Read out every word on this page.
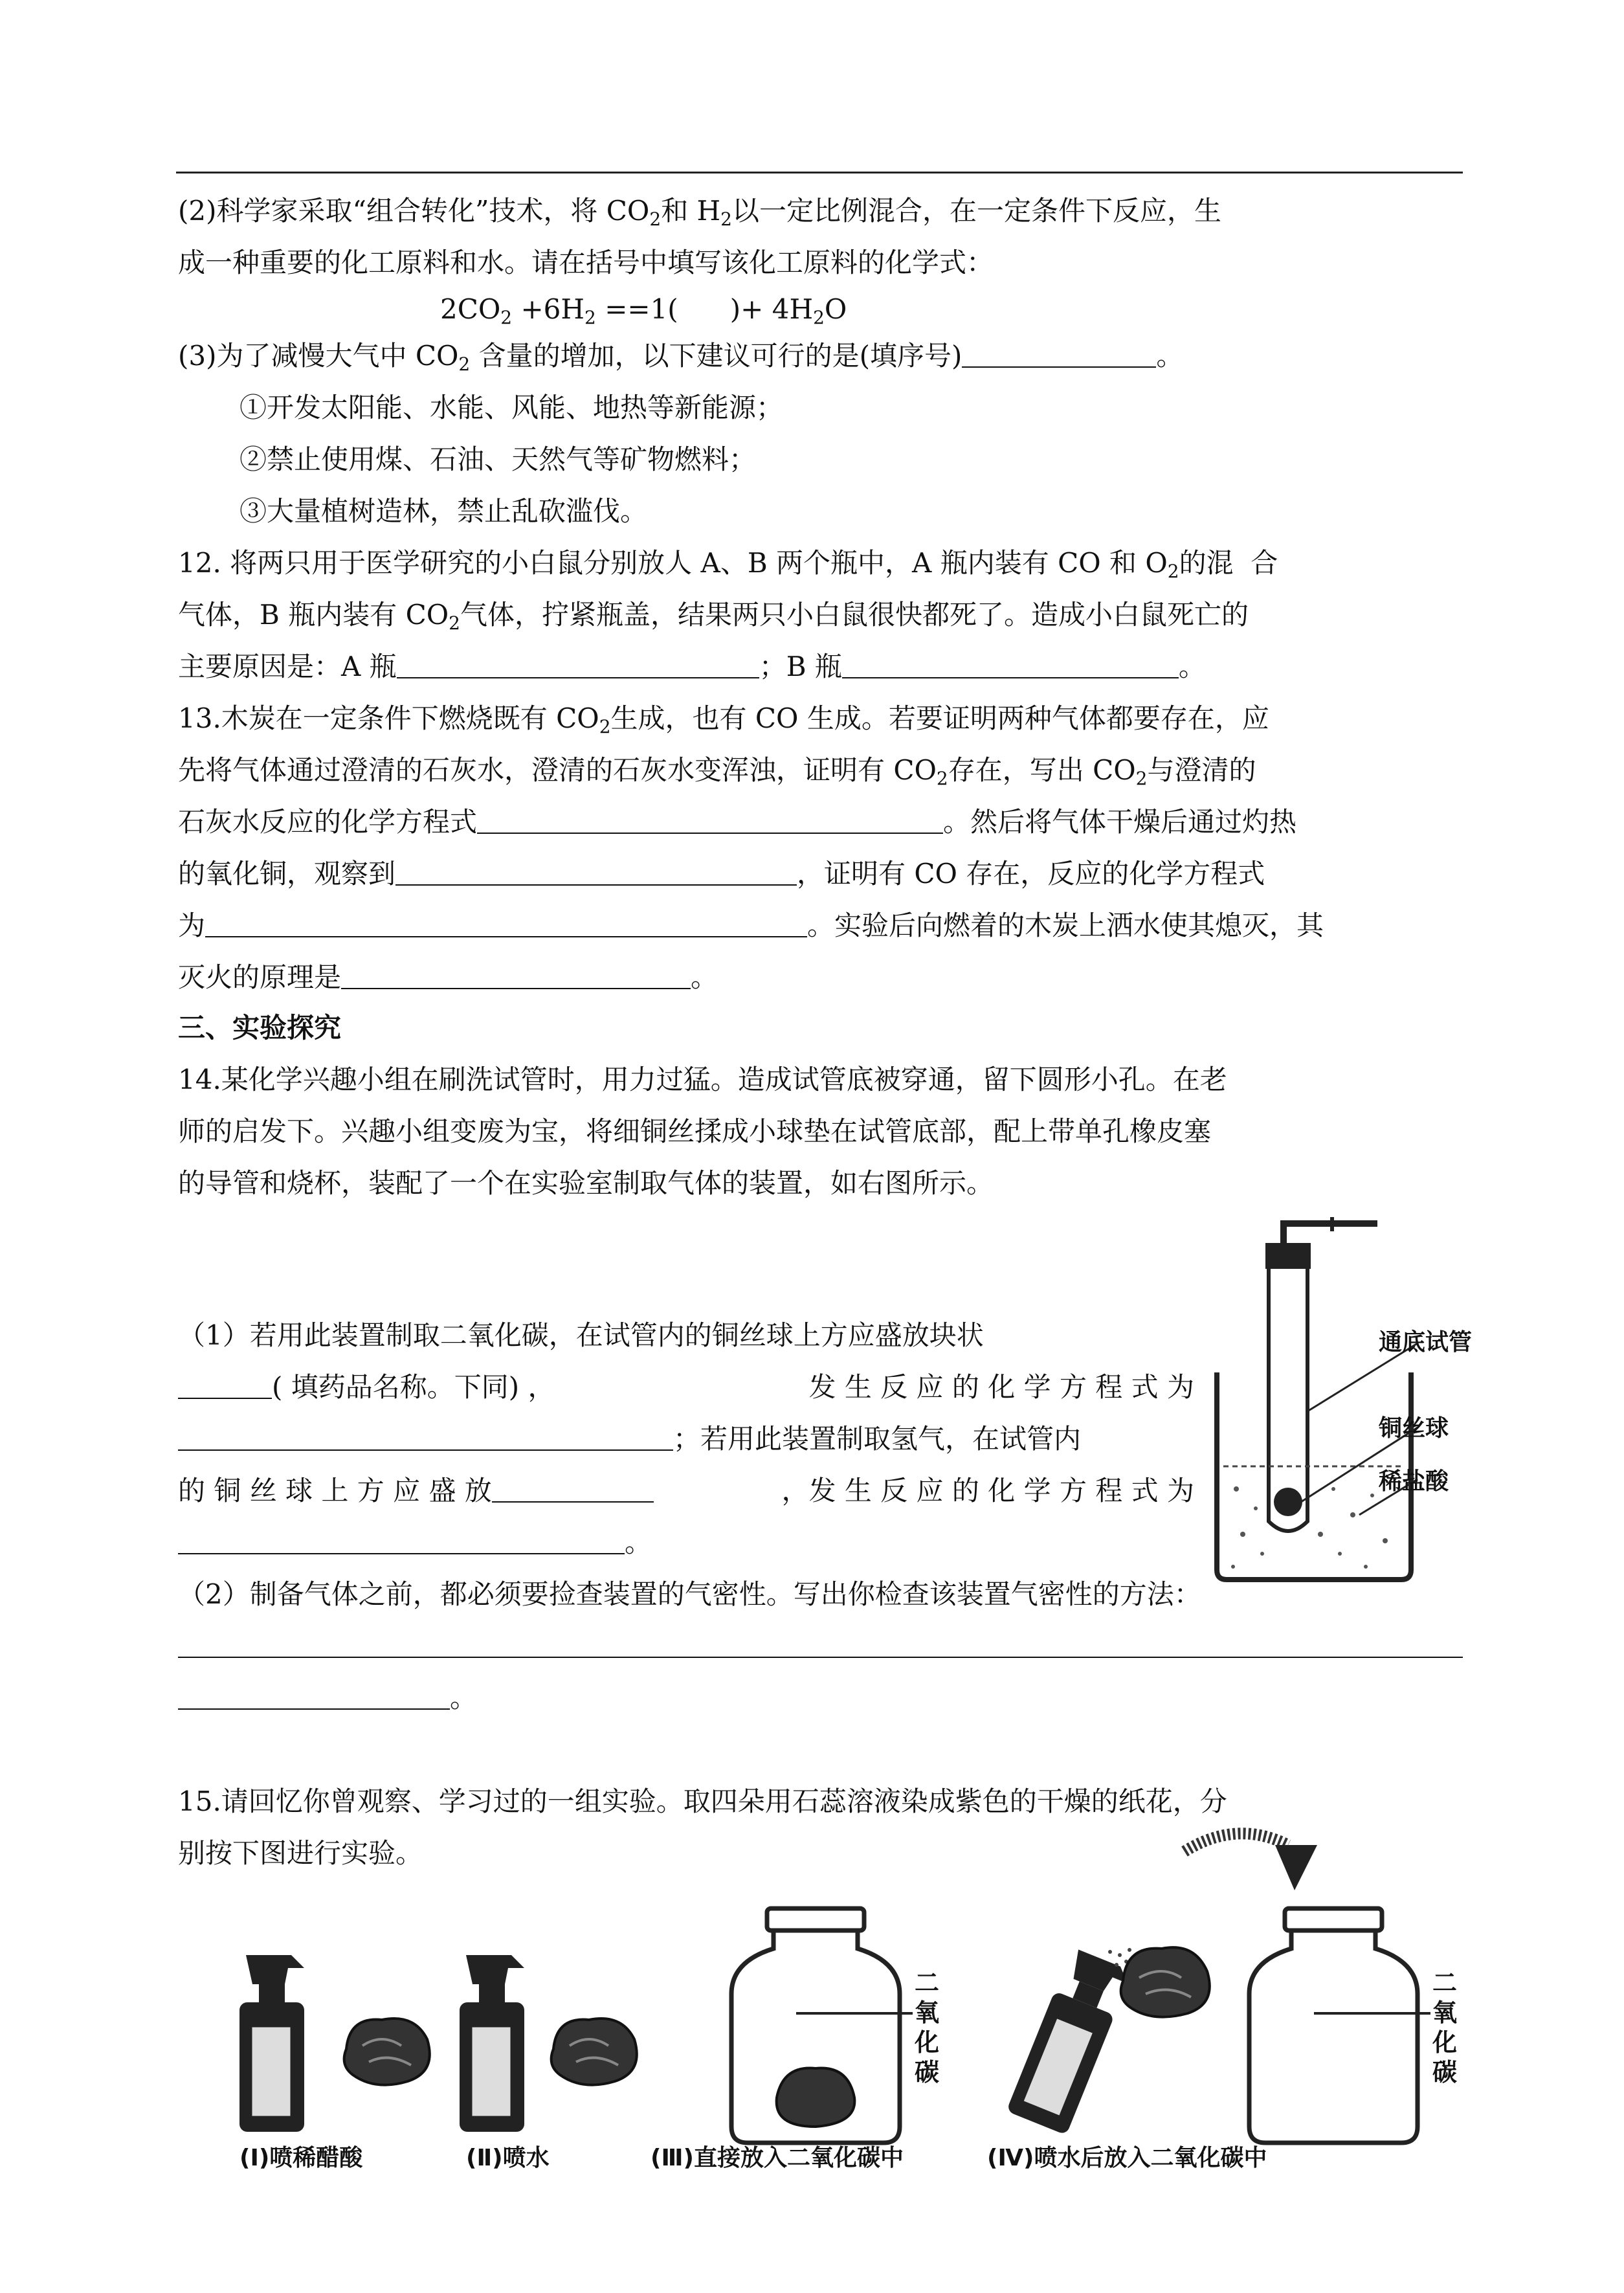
(2)科学家采取“组合转化”技术，将 $CO_2$和 $H_2$以一定比例混合，在一定条件下反应，生
成一种重要的化工原料和水。请在括号中填写该化工原料的化学式：
$2CO_2 +6H_2 ==1$(      )+ $4H_2O$
(3)为了减慢大气中 $CO_2$ 含量的增加，以下建议可行的是(填序号)	。
①开发太阳能、水能、风能、地热等新能源；
②禁止使用煤、石油、天然气等矿物燃料；
③大量植树造林，禁止乱砍滥伐。
12. 将两只用于医学研究的小白鼠分别放人 A、B 两个瓶中，A 瓶内装有 CO 和 $O_2$的混  合
气体，B 瓶内装有 $CO_2$气体，拧紧瓶盖，结果两只小白鼠很快都死了。造成小白鼠死亡的
主要原因是：A 瓶	；B 瓶	。
13.木炭在一定条件下燃烧既有 $CO_2$生成，也有 CO 生成。若要证明两种气体都要存在，应
先将气体通过澄清的石灰水，澄清的石灰水变浑浊，证明有 $CO_2$存在，写出 $CO_2$与澄清的
石灰水反应的化学方程式	。然后将气体干燥后通过灼热
的氧化铜，观察到	，证明有 CO 存在，反应的化学方程式
为	。实验后向燃着的木炭上洒水使其熄灭，其
灭火的原理是	。
三、实验探究
14.某化学兴趣小组在刷洗试管时，用力过猛。造成试管底被穿通，留下圆形小孔。在老
师的启发下。兴趣小组变废为宝，将细铜丝揉成小球垫在试管底部，配上带单孔橡皮塞
的导管和烧杯，装配了一个在实验室制取气体的装置，如右图所示。
（1）若用此装置制取二氧化碳，在试管内的铜丝球上方应盛放块状
( 填药品名称。下同) ，	发 生 反 应 的 化 学 方 程 式 为
；若用此装置制取氢气，在试管内
的 铜 丝 球 上 方 应 盛 放	，发 生 反 应 的 化 学 方 程 式 为
。
（2）制备气体之前，都必须要捡查装置的气密性。写出你检查该装置气密性的方法：
。
通底试管
铜丝球
稀盐酸
15.请回忆你曾观察、学习过的一组实验。取四朵用石蕊溶液染成紫色的干燥的纸花，分
别按下图进行实验。
二氧化碳
二氧化碳
(Ⅰ)喷稀醋酸	(Ⅱ)喷水	(Ⅲ)直接放入二氧化碳中	(Ⅳ)喷水后放入二氧化碳中
